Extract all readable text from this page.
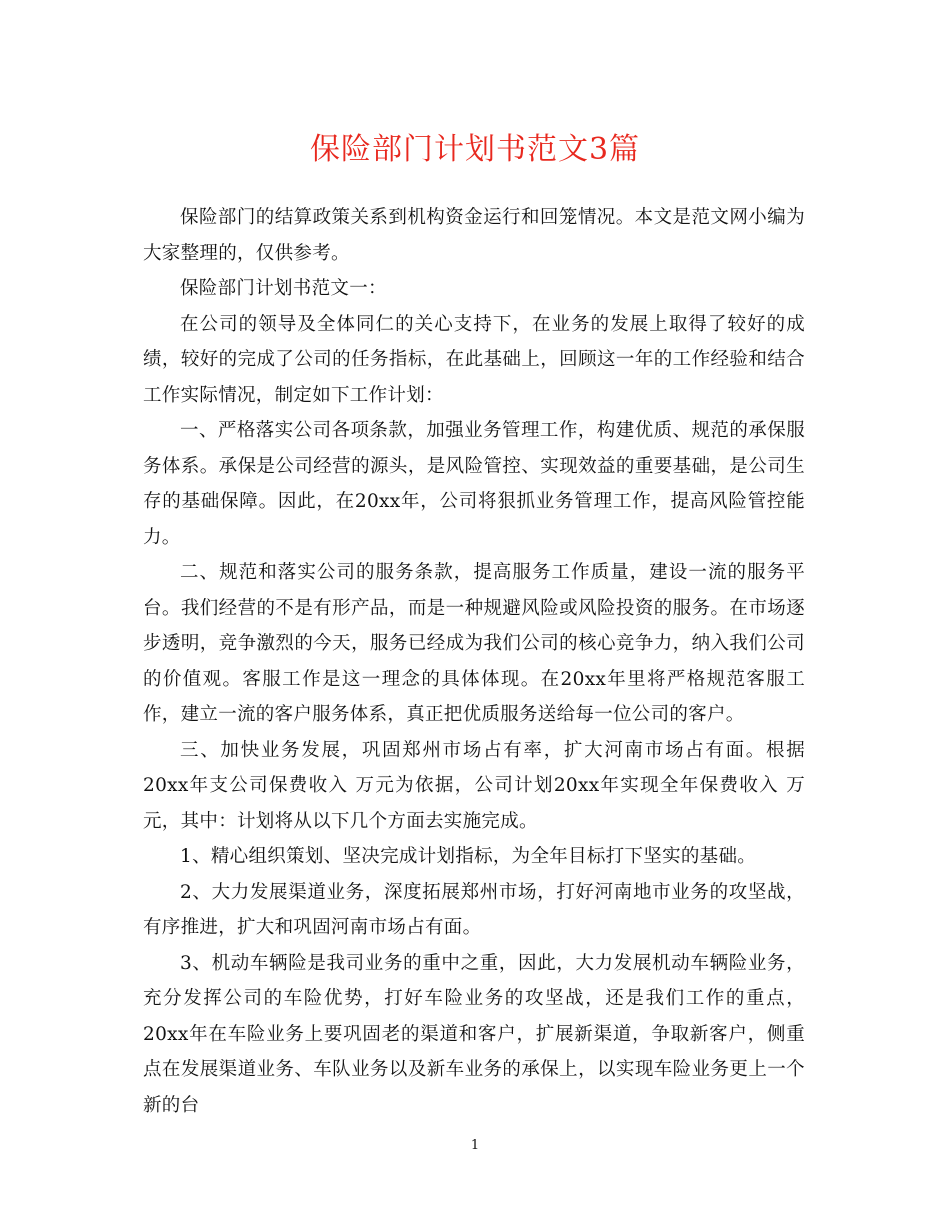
保险部门计划书范文3篇

保险部门的结算政策关系到机构资金运行和回笼情况。本文是范文网小编为大家整理的，仅供参考。

保险部门计划书范文一：

在公司的领导及全体同仁的关心支持下，在业务的发展上取得了较好的成绩，较好的完成了公司的任务指标，在此基础上，回顾这一年的工作经验和结合工作实际情况，制定如下工作计划：

一、严格落实公司各项条款，加强业务管理工作，构建优质、规范的承保服务体系。承保是公司经营的源头，是风险管控、实现效益的重要基础，是公司生存的基础保障。因此，在20xx年，公司将狠抓业务管理工作，提高风险管控能力。

二、规范和落实公司的服务条款，提高服务工作质量，建设一流的服务平台。我们经营的不是有形产品，而是一种规避风险或风险投资的服务。在市场逐步透明，竞争激烈的今天，服务已经成为我们公司的核心竞争力，纳入我们公司的价值观。客服工作是这一理念的具体体现。在20xx年里将严格规范客服工作，建立一流的客户服务体系，真正把优质服务送给每一位公司的客户。

三、加快业务发展，巩固郑州市场占有率，扩大河南市场占有面。根据20xx年支公司保费收入 万元为依据，公司计划20xx年实现全年保费收入 万元，其中：计划将从以下几个方面去实施完成。

1、精心组织策划、坚决完成计划指标，为全年目标打下坚实的基础。

2、大力发展渠道业务，深度拓展郑州市场，打好河南地市业务的攻坚战，有序推进，扩大和巩固河南市场占有面。

3、机动车辆险是我司业务的重中之重，因此，大力发展机动车辆险业务，充分发挥公司的车险优势，打好车险业务的攻坚战，还是我们工作的重点，20xx年在车险业务上要巩固老的渠道和客户，扩展新渠道，争取新客户，侧重点在发展渠道业务、车队业务以及新车业务的承保上，以实现车险业务更上一个新的台

1
